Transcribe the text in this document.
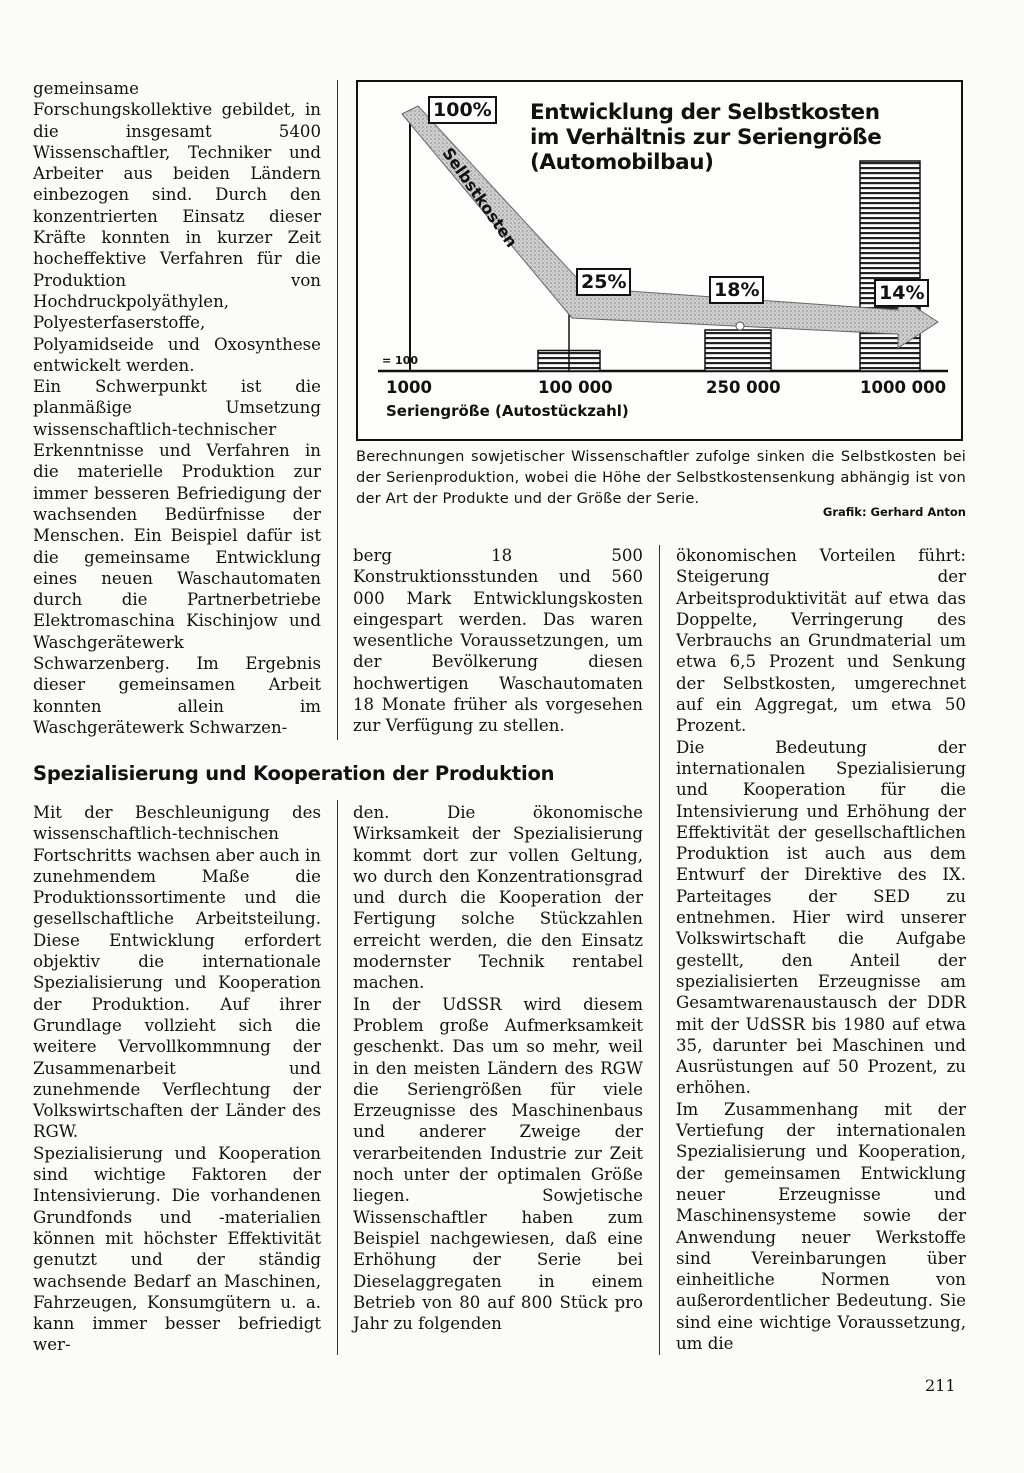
gemeinsame Forschungskollektive gebildet, in die insgesamt 5400 Wissenschaftler, Techniker und Arbeiter aus beiden Ländern einbezogen sind. Durch den konzentrierten Einsatz dieser Kräfte konnten in kurzer Zeit hocheffektive Verfahren für die Produktion von Hochdruckpolyäthylen, Polyesterfaserstoffe, Polyamidseide und Oxosynthese entwickelt werden.

Ein Schwerpunkt ist die planmäßige Umsetzung wissenschaftlich-technischer Erkenntnisse und Verfahren in die materielle Produktion zur immer besseren Befriedigung der wachsenden Bedürfnisse der Menschen. Ein Beispiel dafür ist die gemeinsame Entwicklung eines neuen Waschautomaten durch die Partnerbetriebe Elektromaschina Kischinjow und Waschgerätewerk Schwarzenberg. Im Ergebnis dieser gemeinsamen Arbeit konnten allein im Waschgerätewerk Schwarzen-

Entwicklung der Selbstkosten
im Verhältnis zur Seriengröße
(Automobilbau)
Selbstkosten
= 100
100%
25%	18%	14%
1000	100 000	250 000	1000 000
Seriengröße (Autostückzahl)
Berechnungen sowjetischer Wissenschaftler zufolge sinken die Selbstkosten bei der Serienproduktion, wobei die Höhe der Selbstkostensenkung abhängig ist von der Art der Produkte und der Größe der Serie.
Grafik: Gerhard Anton

berg 18 500 Konstruktionsstunden und 560 000 Mark Entwicklungskosten eingespart werden. Das waren wesentliche Voraussetzungen, um der Bevölkerung diesen hochwertigen Waschautomaten 18 Monate früher als vorgesehen zur Verfügung zu stellen.

ökonomischen Vorteilen führt: Steigerung der Arbeitsproduktivität auf etwa das Doppelte, Verringerung des Verbrauchs an Grundmaterial um etwa 6,5 Prozent und Senkung der Selbstkosten, umgerechnet auf ein Aggregat, um etwa 50 Prozent.

Die Bedeutung der internationalen Spezialisierung und Kooperation für die Intensivierung und Erhöhung der Effektivität der gesellschaftlichen Produktion ist auch aus dem Entwurf der Direktive des IX. Parteitages der SED zu entnehmen. Hier wird unserer Volkswirtschaft die Aufgabe gestellt, den Anteil der spezialisierten Erzeugnisse am Gesamtwarenaustausch der DDR mit der UdSSR bis 1980 auf etwa 35, darunter bei Maschinen und Ausrüstungen auf 50 Prozent, zu erhöhen.

Im Zusammenhang mit der Vertiefung der internationalen Spezialisierung und Kooperation, der gemeinsamen Entwicklung neuer Erzeugnisse und Maschinensysteme sowie der Anwendung neuer Werkstoffe sind Vereinbarungen über einheitliche Normen von außerordentlicher Bedeutung. Sie sind eine wichtige Voraussetzung, um die

Spezialisierung und Kooperation der Produktion

Mit der Beschleunigung des wissenschaftlich-technischen Fortschritts wachsen aber auch in zunehmendem Maße die Produktionssortimente und die gesellschaftliche Arbeitsteilung. Diese Entwicklung erfordert objektiv die internationale Spezialisierung und Kooperation der Produktion. Auf ihrer Grundlage vollzieht sich die weitere Vervollkommnung der Zusammenarbeit und zunehmende Verflechtung der Volkswirtschaften der Länder des RGW.

Spezialisierung und Kooperation sind wichtige Faktoren der Intensivierung. Die vorhandenen Grundfonds und -materialien können mit höchster Effektivität genutzt und der ständig wachsende Bedarf an Maschinen, Fahrzeugen, Konsumgütern u. a. kann immer besser befriedigt wer-

den. Die ökonomische Wirksamkeit der Spezialisierung kommt dort zur vollen Geltung, wo durch den Konzentrationsgrad und durch die Kooperation der Fertigung solche Stückzahlen erreicht werden, die den Einsatz modernster Technik rentabel machen.

In der UdSSR wird diesem Problem große Aufmerksamkeit geschenkt. Das um so mehr, weil in den meisten Ländern des RGW die Seriengrößen für viele Erzeugnisse des Maschinenbaus und anderer Zweige der verarbeitenden Industrie zur Zeit noch unter der optimalen Größe liegen. Sowjetische Wissenschaftler haben zum Beispiel nachgewiesen, daß eine Erhöhung der Serie bei Dieselaggregaten in einem Betrieb von 80 auf 800 Stück pro Jahr zu folgenden

211
